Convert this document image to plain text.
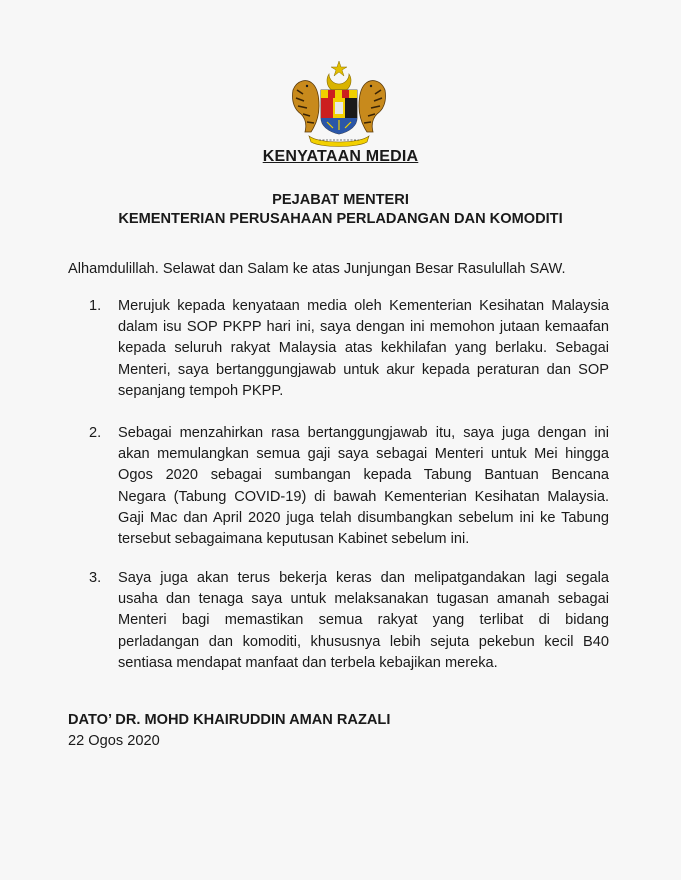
KENYATAAN MEDIA
PEJABAT MENTERI
KEMENTERIAN PERUSAHAAN PERLADANGAN DAN KOMODITI
Alhamdulillah. Selawat dan Salam ke atas Junjungan Besar Rasulullah SAW.
1. Merujuk kepada kenyataan media oleh Kementerian Kesihatan Malaysia
dalam isu SOP PKPP hari ini, saya dengan ini memohon jutaan kemaafan
kepada seluruh rakyat Malaysia atas kekhilafan yang berlaku. Sebagai
Menteri, saya bertanggungjawab untuk akur kepada peraturan dan SOP
sepanjang tempoh PKPP.
2. Sebagai menzahirkan rasa bertanggungjawab itu, saya juga dengan ini
akan memulangkan semua gaji saya sebagai Menteri untuk Mei hingga
Ogos 2020 sebagai sumbangan kepada Tabung Bantuan Bencana
Negara (Tabung COVID-19) di bawah Kementerian Kesihatan Malaysia.
Gaji Mac dan April 2020 juga telah disumbangkan sebelum ini ke Tabung
tersebut sebagaimana keputusan Kabinet sebelum ini.
3. Saya juga akan terus bekerja keras dan melipatgandakan lagi segala
usaha dan tenaga saya untuk melaksanakan tugasan amanah sebagai
Menteri bagi memastikan semua rakyat yang terlibat di bidang
perladangan dan komoditi, khususnya lebih sejuta pekebun kecil B40
sentiasa mendapat manfaat dan terbela kebajikan mereka.
DATO’ DR. MOHD KHAIRUDDIN AMAN RAZALI
22 Ogos 2020
